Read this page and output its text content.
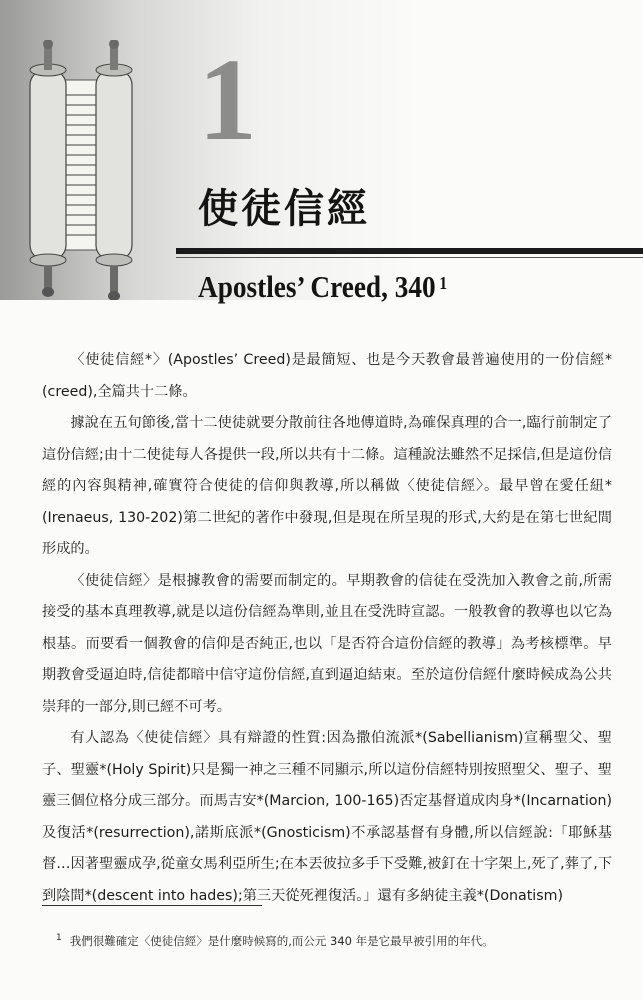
1
使徒信經
Apostles’ Creed, 340 $^1$

〈使徒信經*〉(Apostles’ Creed)是最簡短、也是今天教會最普遍使用的一份信經*(creed),全篇共十二條。

據說在五旬節後,當十二使徒就要分散前往各地傳道時,為確保真理的合一,臨行前制定了這份信經;由十二使徒每人各提供一段,所以共有十二條。這種說法雖然不足採信,但是這份信經的內容與精神,確實符合使徒的信仰與教導,所以稱做〈使徒信經〉。最早曾在愛任紐*(Irenaeus, 130-202)第二世紀的著作中發現,但是現在所呈現的形式,大約是在第七世紀間形成的。

〈使徒信經〉是根據教會的需要而制定的。早期教會的信徒在受洗加入教會之前,所需接受的基本真理教導,就是以這份信經為準則,並且在受洗時宣認。一般教會的教導也以它為根基。而要看一個教會的信仰是否純正,也以「是否符合這份信經的教導」為考核標準。早期教會受逼迫時,信徒都暗中信守這份信經,直到逼迫結束。至於這份信經什麼時候成為公共崇拜的一部分,則已經不可考。

有人認為〈使徒信經〉具有辯證的性質:因為撒伯流派*(Sabellianism)宣稱聖父、聖子、聖靈*(Holy Spirit)只是獨一神之三種不同顯示,所以這份信經特別按照聖父、聖子、聖靈三個位格分成三部分。而馬吉安*(Marcion, 100-165)否定基督道成肉身*(Incarnation)及復活*(resurrection),諾斯底派*(Gnosticism)不承認基督有身體,所以信經說:「耶穌基督…因著聖靈成孕,從童女馬利亞所生;在本丟彼拉多手下受難,被釘在十字架上,死了,葬了,下到陰間*(descent into hades);第三天從死裡復活。」還有多納徒主義*(Donatism)

$^1$ 我們很難確定〈使徒信經〉是什麼時候寫的,而公元 340 年是它最早被引用的年代。
